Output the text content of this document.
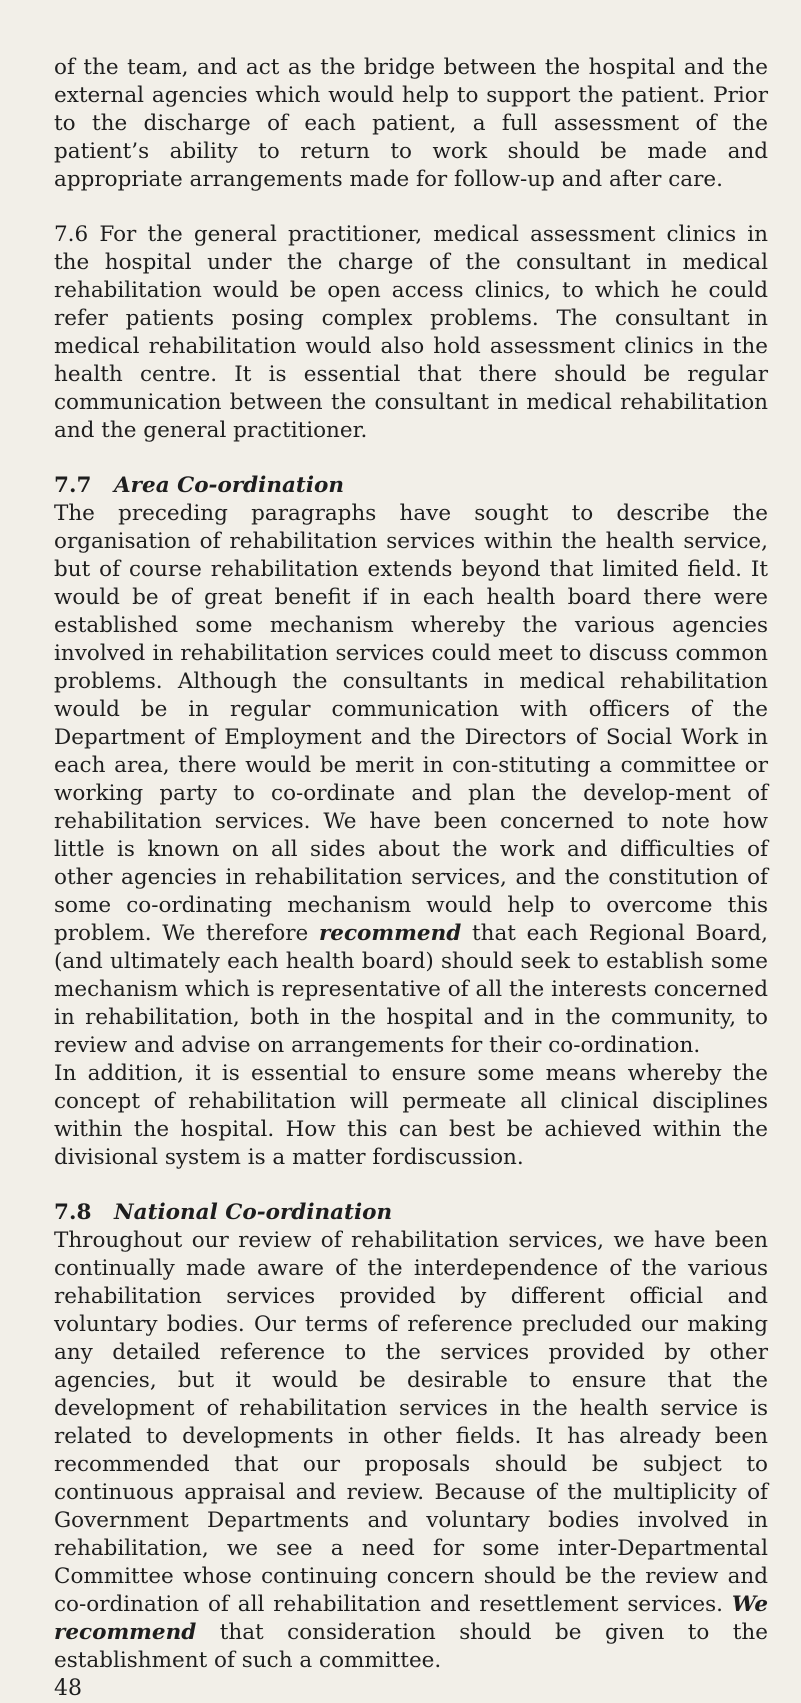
of the team, and act as the bridge between the hospital and the external agencies which would help to support the patient. Prior to the discharge of each patient, a full assessment of the patient’s ability to return to work should be made and appropriate arrangements made for follow-up and after care.

7.6 For the general practitioner, medical assessment clinics in the hospital under the charge of the consultant in medical rehabilitation would be open access clinics, to which he could refer patients posing complex problems. The consultant in medical rehabilitation would also hold assessment clinics in the health centre. It is essential that there should be regular communication between the consultant in medical rehabilitation and the general practitioner.

7.7 Area Co-ordination

The preceding paragraphs have sought to describe the organisation of rehabilitation services within the health service, but of course rehabilitation extends beyond that limited field. It would be of great benefit if in each health board there were established some mechanism whereby the various agencies involved in rehabilitation services could meet to discuss common problems. Although the consultants in medical rehabilitation would be in regular communication with officers of the Department of Employment and the Directors of Social Work in each area, there would be merit in con-stituting a committee or working party to co-ordinate and plan the develop-ment of rehabilitation services. We have been concerned to note how little is known on all sides about the work and difficulties of other agencies in rehabilitation services, and the constitution of some co-ordinating mechanism would help to overcome this problem. We therefore recommend that each Regional Board, (and ultimately each health board) should seek to establish some mechanism which is representative of all the interests concerned in rehabilitation, both in the hospital and in the community, to review and advise on arrangements for their co-ordination.

In addition, it is essential to ensure some means whereby the concept of rehabilitation will permeate all clinical disciplines within the hospital. How this can best be achieved within the divisional system is a matter fordiscussion.

7.8 National Co-ordination

Throughout our review of rehabilitation services, we have been continually made aware of the interdependence of the various rehabilitation services provided by different official and voluntary bodies. Our terms of reference precluded our making any detailed reference to the services provided by other agencies, but it would be desirable to ensure that the development of rehabilitation services in the health service is related to developments in other fields. It has already been recommended that our proposals should be subject to continuous appraisal and review. Because of the multiplicity of Government Departments and voluntary bodies involved in rehabilitation, we see a need for some inter-Departmental Committee whose continuing concern should be the review and co-ordination of all rehabilitation and resettlement services. We recommend that consideration should be given to the establishment of such a committee.

48
